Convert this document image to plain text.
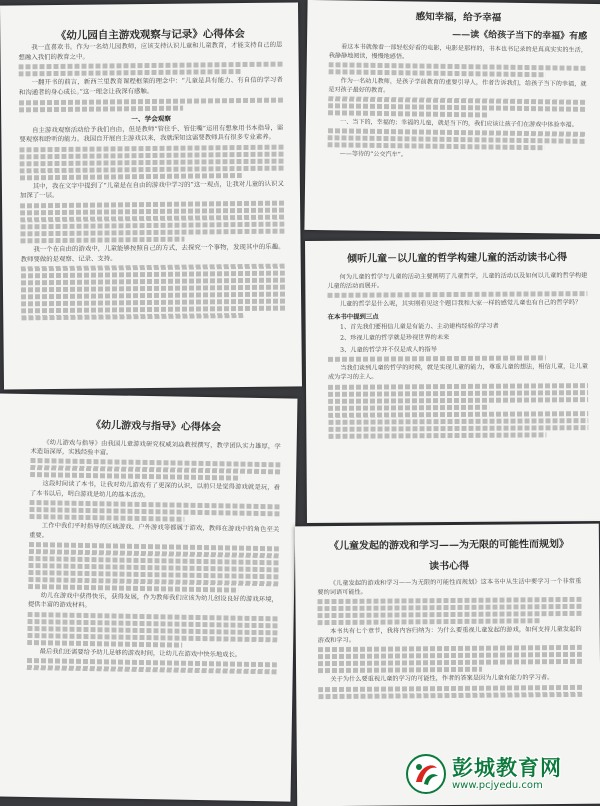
《幼儿园自主游戏观察与记录》心得体会

我一直喜欢书。作为一名幼儿园教师，应该支持认识儿童和儿童教育，才能支持自己的思想融入我们的教育之中。

一翻开书的前言，新西兰里教育课程框架的理念中：“儿童是具有能力、有自信的学习者和沟通者的身心成长。”这一理念让我深有感触。

一、学会观察

自主游戏观察活动给予我们自由，但是教师“管住手、管住嘴”运用有想象用书本指导，需要观察和聆听的能力。我国自开展自主游戏以来，我就深知这需要教师具有很多专业素养。

其中，我在文字中提到了“儿童是在自由的游戏中学习的”这一观点，让我对儿童的认识又加深了一层。

我一个在自由的游戏中，儿童能够按照自己的方式，去探究一个事物，发现其中的乐趣。教师要做的是观察、记录、支持。

感知幸福，给予幸福

——读《给孩子当下的幸福》有感

看这本书就像看一部轻松好看的电影，电影是那样的，书本也书记录的是真真实实的生活，我静静地阅读，慢慢地感悟。

作为一名幼儿教师，是孩子学前教育的重要引导人，作者告诉我们，给孩子当下的幸福，就是对孩子最好的教育。

一、当下的，幸福的；幸福的儿童，就是当下的，我们应该让孩子们在游戏中体验幸福。

——等待的“公交汽车”。

倾听儿童－以儿童的哲学构建儿童的活动读书心得

何为儿童的哲学与儿童的活动主要阐明了儿童哲学，儿童的活动以及如何以儿童的哲学构建儿童的活动而展开。

儿童的哲学是什么呢，其实刚看见这个题目我和大家一样的感觉儿童也有自己的哲学吗？

在本书中提到三点

1、首先我们要相信儿童是有能力、主动建构经验的学习者

2、珍视儿童的哲学就是珍视世界的未来

3、儿童的哲学并不仅是成人的指导

当我们谈到儿童的哲学的时候，就是实现儿童的能力，尊重儿童的想法，相信儿童，让儿童成为学习的主人。

《幼儿游戏与指导》心得体会

《幼儿游戏与指导》由我国儿童游戏研究权威刘焱教授撰写，教学团队实力雄厚，学术造诣深厚，实践经验丰富。

这段时间读了本书，让我对幼儿游戏有了更深的认识，以前只是觉得游戏就是玩，看了本书以后，明白游戏是幼儿的基本活动。

工作中我们平时指导的区域游戏、户外游戏等都属于游戏，教师在游戏中的角色至关重要。

幼儿在游戏中获得快乐，获得发展，作为教师我们应该为幼儿创设良好的游戏环境，提供丰富的游戏材料。

最后我们还需要给予幼儿足够的游戏时间，让幼儿在游戏中快乐地成长。

《儿童发起的游戏和学习——为无限的可能性而规划》

读书心得

《儿童发起的游戏和学习——为无限的可能性而规划》这本书中从生活中要学习一个非常重要的词语可能性。

本书共有七个章节，我将内容归纳为：为什么要重视儿童发起的游戏，如何支持儿童发起的游戏和学习。

关于为什么要重视儿童的学习的可能性，作者的答案是因为儿童有能力的学习者。

彭城教育网
www.pcjyedu.com
